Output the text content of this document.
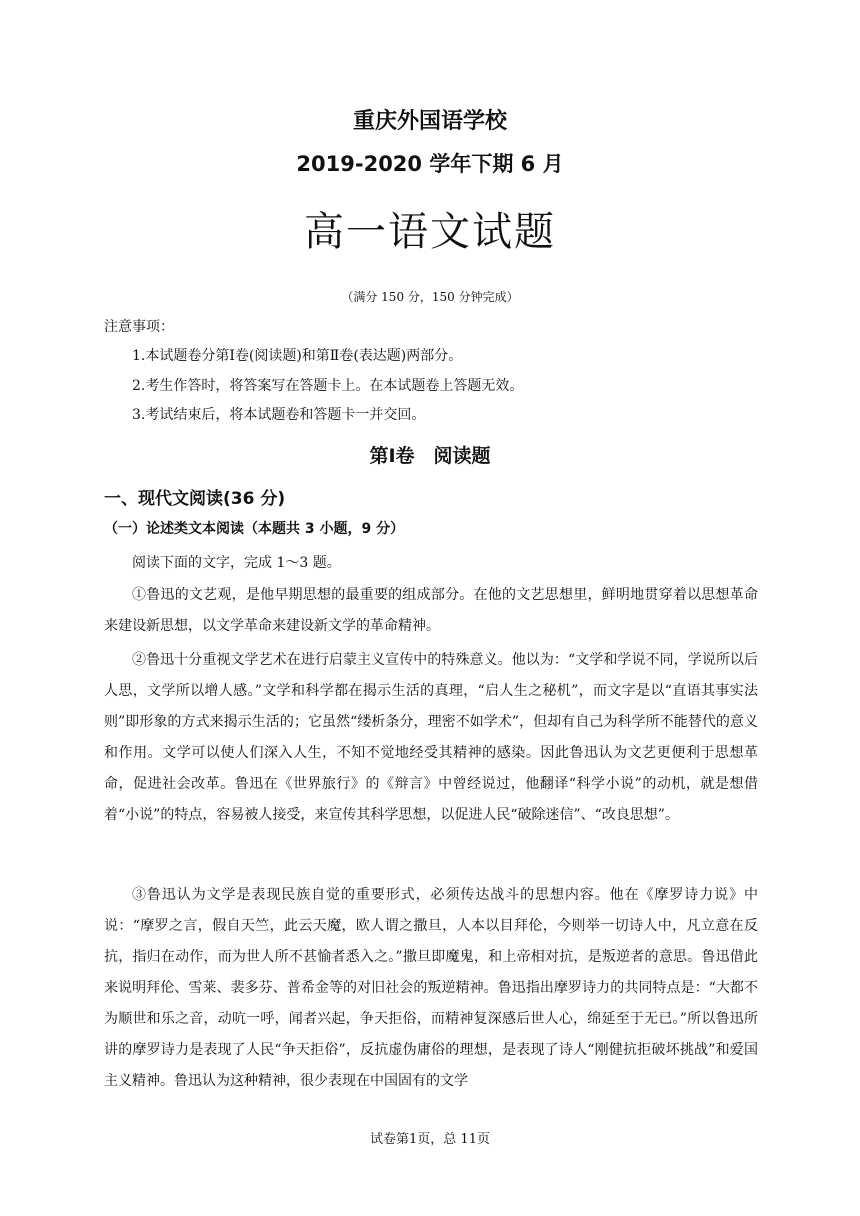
重庆外国语学校
2019-2020 学年下期 6 月
高一语文试题
（满分 150 分，150 分钟完成）
注意事项：
1.本试题卷分第Ⅰ卷(阅读题)和第Ⅱ卷(表达题)两部分。
2.考生作答时，将答案写在答题卡上。在本试题卷上答题无效。
3.考试结束后，将本试题卷和答题卡一并交回。
第Ⅰ卷　阅读题
一、现代文阅读(36 分)
（一）论述类文本阅读（本题共 3 小题，9 分）
阅读下面的文字，完成 1～3 题。

①鲁迅的文艺观，是他早期思想的最重要的组成部分。在他的文艺思想里，鲜明地贯穿着以思想革命来建设新思想，以文学革命来建设新文学的革命精神。

②鲁迅十分重视文学艺术在进行启蒙主义宣传中的特殊意义。他以为：“文学和学说不同，学说所以后人思，文学所以增人感。”文学和科学都在揭示生活的真理，“启人生之秘机”，而文字是以“直语其事实法则”即形象的方式来揭示生活的；它虽然“缕析条分，理密不如学术”，但却有自己为科学所不能替代的意义和作用。文学可以使人们深入人生，不知不觉地经受其精神的感染。因此鲁迅认为文艺更便利于思想革命，促进社会改革。鲁迅在《世界旅行》的《辩言》中曾经说过，他翻译“科学小说”的动机，就是想借着“小说”的特点，容易被人接受，来宣传其科学思想，以促进人民“破除迷信”、“改良思想”。

③鲁迅认为文学是表现民族自觉的重要形式，必须传达战斗的思想内容。他在《摩罗诗力说》中说：“摩罗之言，假自天竺，此云天魔，欧人谓之撒旦，人本以目拜伦，今则举一切诗人中，凡立意在反抗，指归在动作，而为世人所不甚愉者悉入之。”撒旦即魔鬼，和上帝相对抗，是叛逆者的意思。鲁迅借此来说明拜伦、雪莱、裴多芬、普希金等的对旧社会的叛逆精神。鲁迅指出摩罗诗力的共同特点是：“大都不为顺世和乐之音，动吭一呼，闻者兴起，争天拒俗，而精神复深感后世人心，绵延至于无已。”所以鲁迅所讲的摩罗诗力是表现了人民“争天拒俗”，反抗虚伪庸俗的理想，是表现了诗人“刚健抗拒破坏挑战”和爱国主义精神。鲁迅认为这种精神，很少表现在中国固有的文学

试卷第1页，总 11页
